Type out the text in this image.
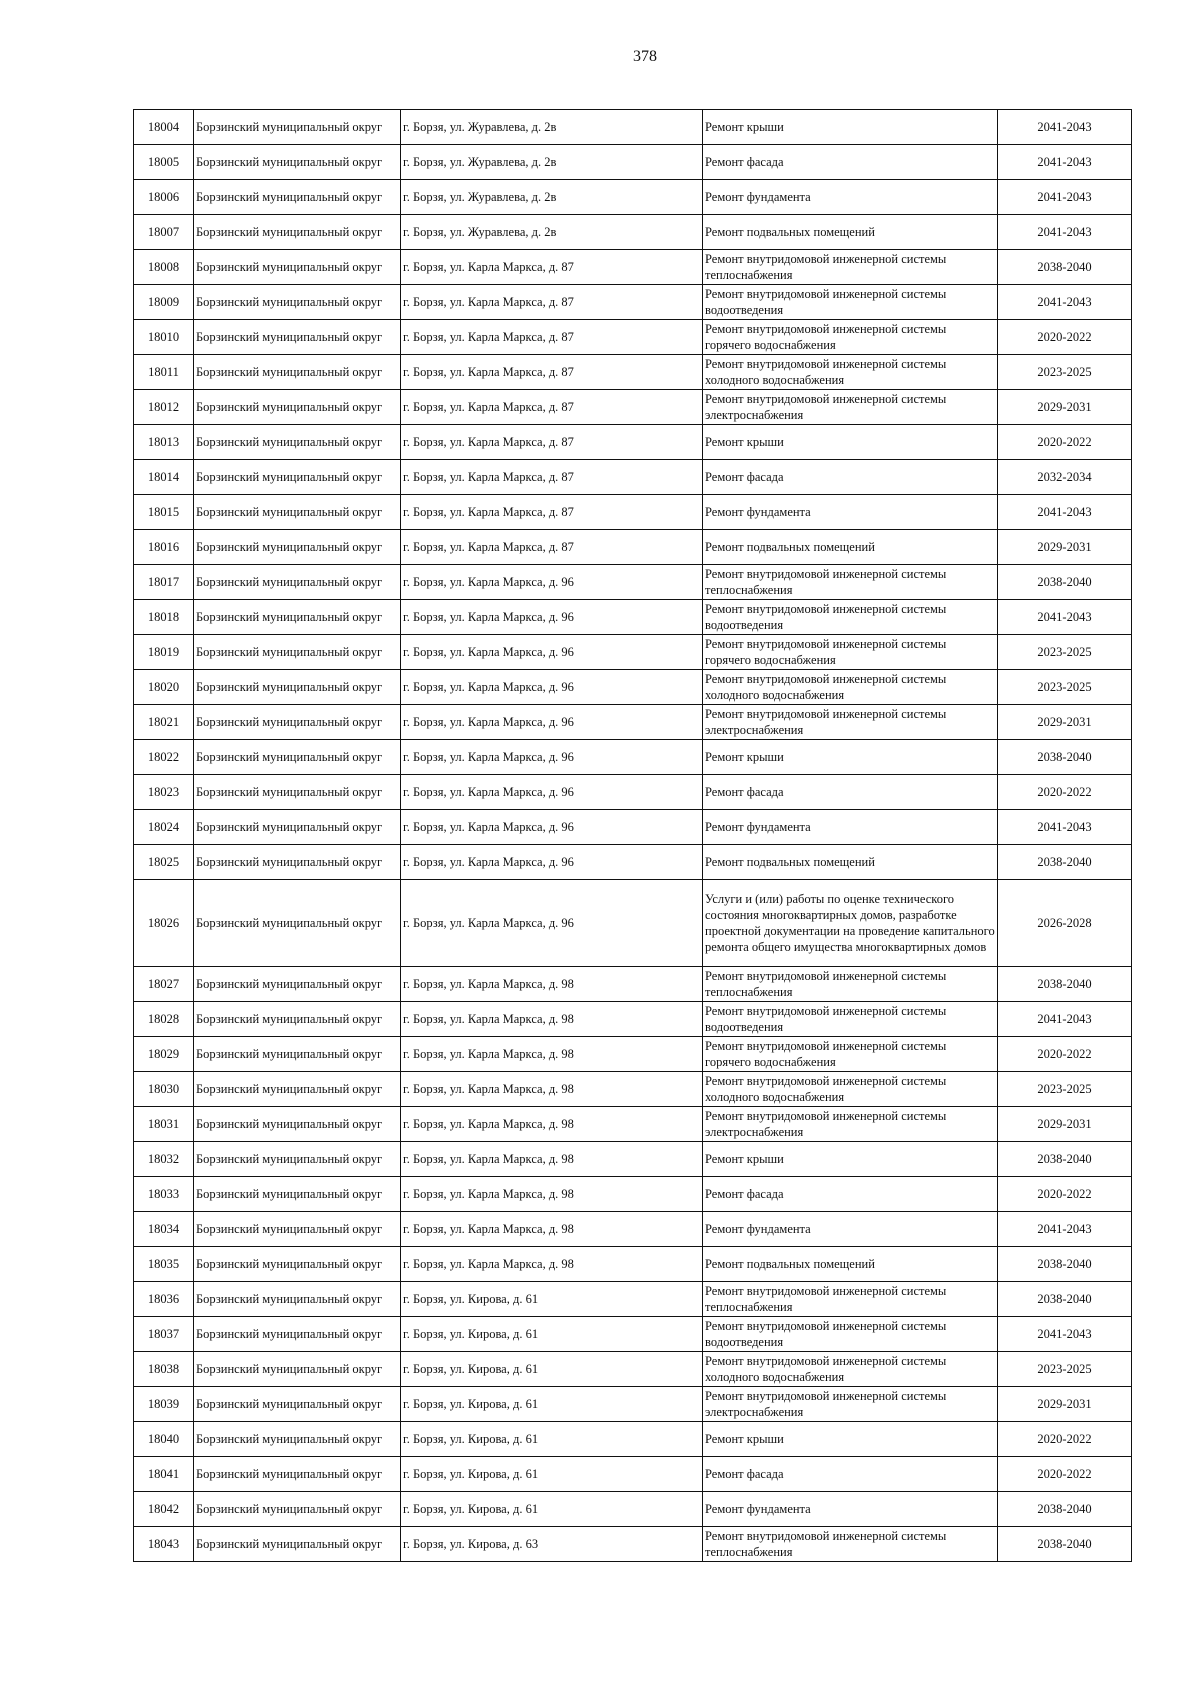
378
18004	Борзинский муниципальный округ	г. Борзя, ул. Журавлева, д. 2в	Ремонт крыши	2041-2043
18005	Борзинский муниципальный округ	г. Борзя, ул. Журавлева, д. 2в	Ремонт фасада	2041-2043
18006	Борзинский муниципальный округ	г. Борзя, ул. Журавлева, д. 2в	Ремонт фундамента	2041-2043
18007	Борзинский муниципальный округ	г. Борзя, ул. Журавлева, д. 2в	Ремонт подвальных помещений	2041-2043
18008	Борзинский муниципальный округ	г. Борзя, ул. Карла Маркса, д. 87	Ремонт внутридомовой инженерной системы теплоснабжения	2038-2040
18009	Борзинский муниципальный округ	г. Борзя, ул. Карла Маркса, д. 87	Ремонт внутридомовой инженерной системы водоотведения	2041-2043
18010	Борзинский муниципальный округ	г. Борзя, ул. Карла Маркса, д. 87	Ремонт внутридомовой инженерной системы горячего водоснабжения	2020-2022
18011	Борзинский муниципальный округ	г. Борзя, ул. Карла Маркса, д. 87	Ремонт внутридомовой инженерной системы холодного водоснабжения	2023-2025
18012	Борзинский муниципальный округ	г. Борзя, ул. Карла Маркса, д. 87	Ремонт внутридомовой инженерной системы электроснабжения	2029-2031
18013	Борзинский муниципальный округ	г. Борзя, ул. Карла Маркса, д. 87	Ремонт крыши	2020-2022
18014	Борзинский муниципальный округ	г. Борзя, ул. Карла Маркса, д. 87	Ремонт фасада	2032-2034
18015	Борзинский муниципальный округ	г. Борзя, ул. Карла Маркса, д. 87	Ремонт фундамента	2041-2043
18016	Борзинский муниципальный округ	г. Борзя, ул. Карла Маркса, д. 87	Ремонт подвальных помещений	2029-2031
18017	Борзинский муниципальный округ	г. Борзя, ул. Карла Маркса, д. 96	Ремонт внутридомовой инженерной системы теплоснабжения	2038-2040
18018	Борзинский муниципальный округ	г. Борзя, ул. Карла Маркса, д. 96	Ремонт внутридомовой инженерной системы водоотведения	2041-2043
18019	Борзинский муниципальный округ	г. Борзя, ул. Карла Маркса, д. 96	Ремонт внутридомовой инженерной системы горячего водоснабжения	2023-2025
18020	Борзинский муниципальный округ	г. Борзя, ул. Карла Маркса, д. 96	Ремонт внутридомовой инженерной системы холодного водоснабжения	2023-2025
18021	Борзинский муниципальный округ	г. Борзя, ул. Карла Маркса, д. 96	Ремонт внутридомовой инженерной системы электроснабжения	2029-2031
18022	Борзинский муниципальный округ	г. Борзя, ул. Карла Маркса, д. 96	Ремонт крыши	2038-2040
18023	Борзинский муниципальный округ	г. Борзя, ул. Карла Маркса, д. 96	Ремонт фасада	2020-2022
18024	Борзинский муниципальный округ	г. Борзя, ул. Карла Маркса, д. 96	Ремонт фундамента	2041-2043
18025	Борзинский муниципальный округ	г. Борзя, ул. Карла Маркса, д. 96	Ремонт подвальных помещений	2038-2040
18026	Борзинский муниципальный округ	г. Борзя, ул. Карла Маркса, д. 96	Услуги и (или) работы по оценке технического состояния многоквартирных домов, разработке проектной документации на проведение капитального ремонта общего имущества многоквартирных домов	2026-2028
18027	Борзинский муниципальный округ	г. Борзя, ул. Карла Маркса, д. 98	Ремонт внутридомовой инженерной системы теплоснабжения	2038-2040
18028	Борзинский муниципальный округ	г. Борзя, ул. Карла Маркса, д. 98	Ремонт внутридомовой инженерной системы водоотведения	2041-2043
18029	Борзинский муниципальный округ	г. Борзя, ул. Карла Маркса, д. 98	Ремонт внутридомовой инженерной системы горячего водоснабжения	2020-2022
18030	Борзинский муниципальный округ	г. Борзя, ул. Карла Маркса, д. 98	Ремонт внутридомовой инженерной системы холодного водоснабжения	2023-2025
18031	Борзинский муниципальный округ	г. Борзя, ул. Карла Маркса, д. 98	Ремонт внутридомовой инженерной системы электроснабжения	2029-2031
18032	Борзинский муниципальный округ	г. Борзя, ул. Карла Маркса, д. 98	Ремонт крыши	2038-2040
18033	Борзинский муниципальный округ	г. Борзя, ул. Карла Маркса, д. 98	Ремонт фасада	2020-2022
18034	Борзинский муниципальный округ	г. Борзя, ул. Карла Маркса, д. 98	Ремонт фундамента	2041-2043
18035	Борзинский муниципальный округ	г. Борзя, ул. Карла Маркса, д. 98	Ремонт подвальных помещений	2038-2040
18036	Борзинский муниципальный округ	г. Борзя, ул. Кирова, д. 61	Ремонт внутридомовой инженерной системы теплоснабжения	2038-2040
18037	Борзинский муниципальный округ	г. Борзя, ул. Кирова, д. 61	Ремонт внутридомовой инженерной системы водоотведения	2041-2043
18038	Борзинский муниципальный округ	г. Борзя, ул. Кирова, д. 61	Ремонт внутридомовой инженерной системы холодного водоснабжения	2023-2025
18039	Борзинский муниципальный округ	г. Борзя, ул. Кирова, д. 61	Ремонт внутридомовой инженерной системы электроснабжения	2029-2031
18040	Борзинский муниципальный округ	г. Борзя, ул. Кирова, д. 61	Ремонт крыши	2020-2022
18041	Борзинский муниципальный округ	г. Борзя, ул. Кирова, д. 61	Ремонт фасада	2020-2022
18042	Борзинский муниципальный округ	г. Борзя, ул. Кирова, д. 61	Ремонт фундамента	2038-2040
18043	Борзинский муниципальный округ	г. Борзя, ул. Кирова, д. 63	Ремонт внутридомовой инженерной системы теплоснабжения	2038-2040
